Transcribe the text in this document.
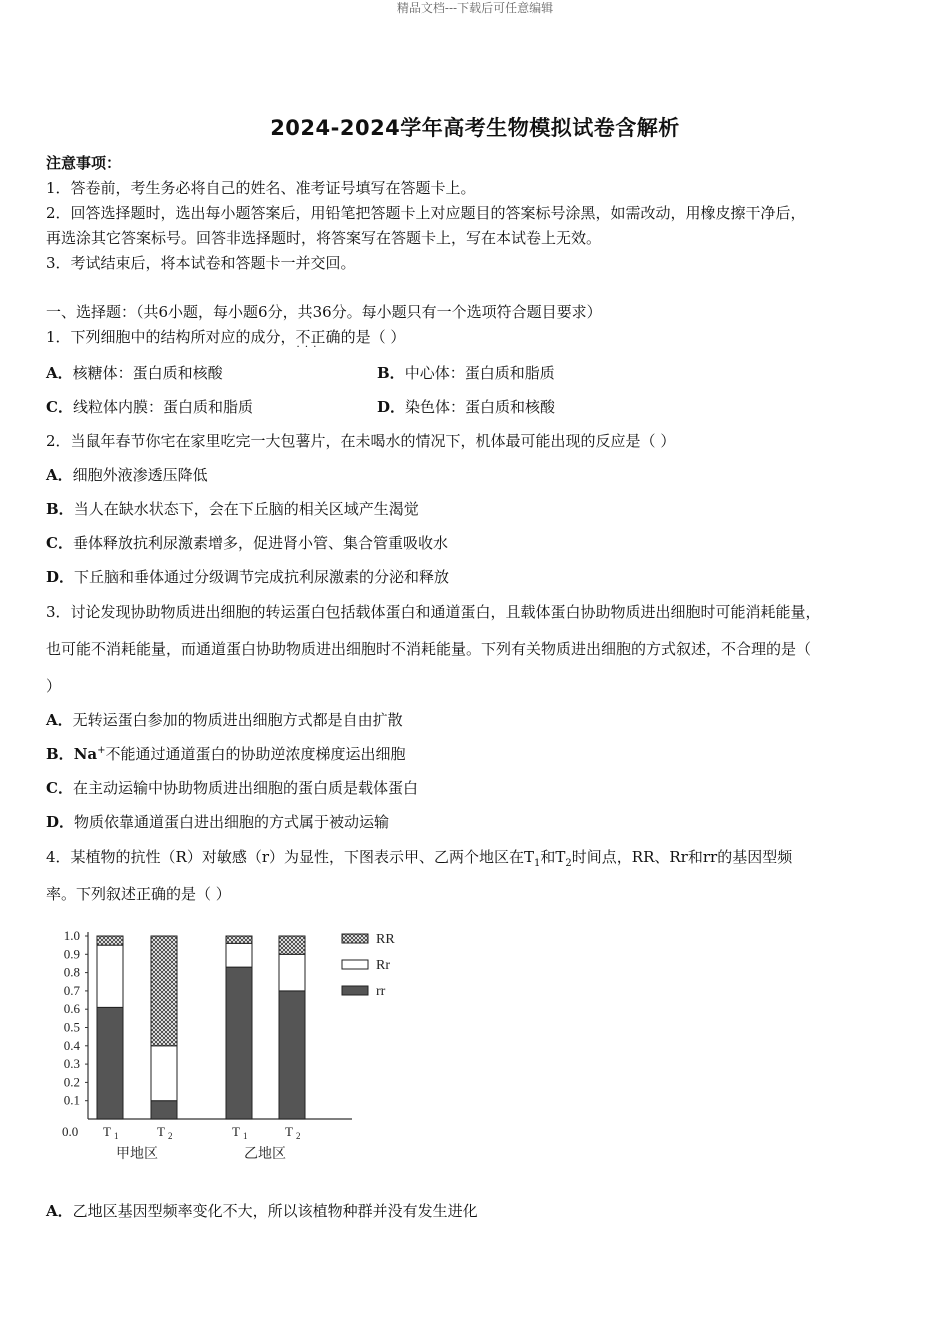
精品文档---下载后可任意编辑
2024-2024学年高考生物模拟试卷含解析
注意事项：
1．答卷前，考生务必将自己的姓名、准考证号填写在答题卡上。
2．回答选择题时，选出每小题答案后，用铅笔把答题卡上对应题目的答案标号涂黑，如需改动，用橡皮擦干净后，
再选涂其它答案标号。回答非选择题时，将答案写在答题卡上，写在本试卷上无效。
3．考试结束后，将本试卷和答题卡一并交回。
一、选择题：（共6小题，每小题6分，共36分。每小题只有一个选项符合题目要求）
1．下列细胞中的结构所对应的成分，不正确 · · ·的是（ ）
A．核糖体：蛋白质和核酸	B．中心体：蛋白质和脂质
C．线粒体内膜：蛋白质和脂质	D．染色体：蛋白质和核酸
2．当鼠年春节你宅在家里吃完一大包薯片，在未喝水的情况下，机体最可能出现的反应是（ ）
A．细胞外液渗透压降低
B．当人在缺水状态下，会在下丘脑的相关区域产生渴觉
C．垂体释放抗利尿激素增多，促进肾小管、集合管重吸收水
D．下丘脑和垂体通过分级调节完成抗利尿激素的分泌和释放
3．讨论发现协助物质进出细胞的转运蛋白包括载体蛋白和通道蛋白，且载体蛋白协助物质进出细胞时可能消耗能量，
也可能不消耗能量，而通道蛋白协助物质进出细胞时不消耗能量。下列有关物质进出细胞的方式叙述，不合理的是（
）
A．无转运蛋白参加的物质进出细胞方式都是自由扩散
B．Na+不能通过通道蛋白的协助逆浓度梯度运出细胞
C．在主动运输中协助物质进出细胞的蛋白质是载体蛋白
D．物质依靠通道蛋白进出细胞的方式属于被动运输
4．某植物的抗性（R）对敏感（r）为显性，下图表示甲、乙两个地区在$T_1$和$T_2$时间点，RR、Rr和rr的基因型频
率。下列叙述正确的是（ ）
0.0
0.1
0.2
0.3
0.4
0.5
0.6
0.7
0.8
0.9
1.0
T 1	T 2	T 1	T 2
甲地区	乙地区
RR
Rr
rr
A．乙地区基因型频率变化不大，所以该植物种群并没有发生进化
